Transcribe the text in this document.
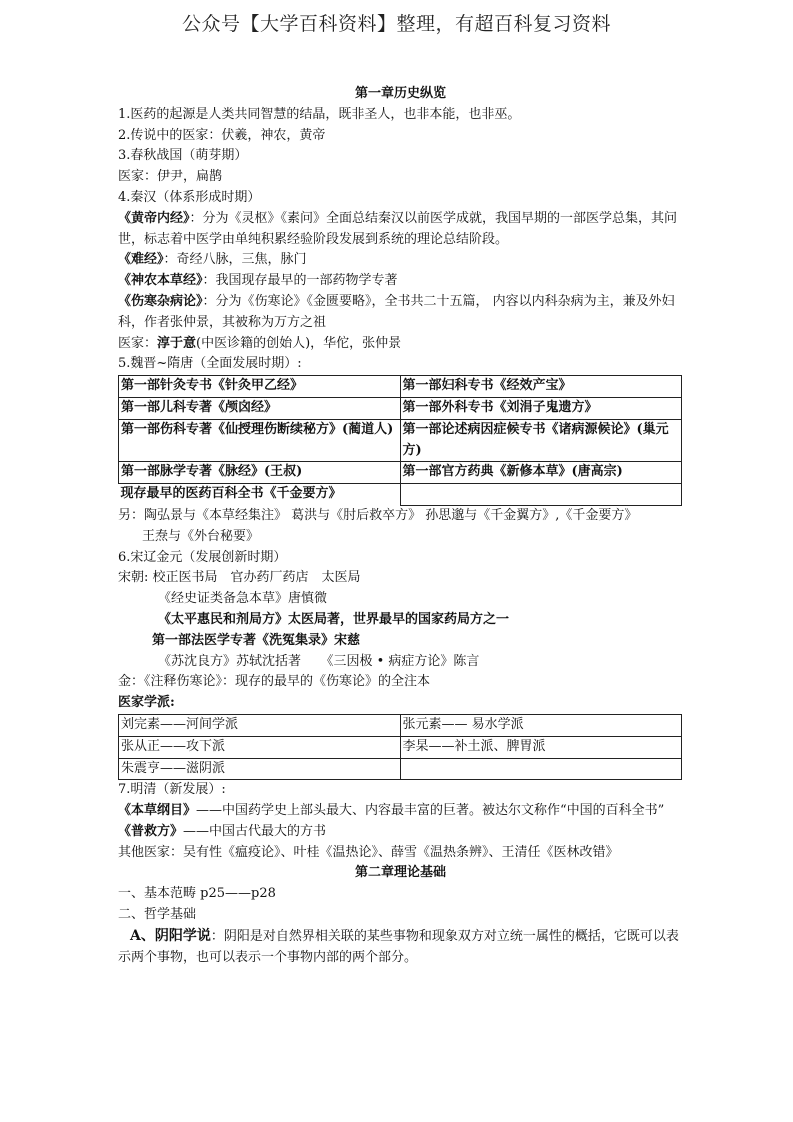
公众号【大学百科资料】整理，有超百科复习资料

第一章历史纵览

1.医药的起源是人类共同智慧的结晶，既非圣人，也非本能，也非巫。

2.传说中的医家：伏羲，神农，黄帝

3.春秋战国（萌芽期）

医家：伊尹，扁鹊

4.秦汉（体系形成时期）

《黄帝内经》：分为《灵枢》《素问》全面总结秦汉以前医学成就，我国早期的一部医学总集，其问世，标志着中医学由单纯积累经验阶段发展到系统的理论总结阶段。

《难经》：奇经八脉，三焦，脉门

《神农本草经》：我国现存最早的一部药物学专著

《伤寒杂病论》：分为《伤寒论》《金匮要略》，全书共二十五篇， 内容以内科杂病为主，兼及外妇科，作者张仲景，其被称为万方之祖

医家：淳于意(中医诊籍的创始人)，华佗，张仲景

5.魏晋~隋唐（全面发展时期）:

第一部针灸专书《针灸甲乙经》	第一部妇科专书《经效产宝》
第一部儿科专著《颅囟经》	第一部外科专书《刘涓子鬼遗方》
第一部伤科专著《仙授理伤断续秘方》(蔺道人)	第一部论述病因症候专书《诸病源候论》(巢元方)
第一部脉学专著《脉经》(王叔)	第一部官方药典《新修本草》(唐高宗)
现存最早的医药百科全书《千金要方》	

另：陶弘景与《本草经集注》 葛洪与《肘后救卒方》 孙思邈与《千金翼方》,《千金要方》

王焘与《外台秘要》

6.宋辽金元（发展创新时期）

宋朝: 校正医书局　官办药厂药店　太医局

《经史证类备急本草》唐慎微

《太平惠民和剂局方》太医局著，世界最早的国家药局方之一

第一部法医学专著《洗冤集录》宋慈

《苏沈良方》苏轼沈括著　　《三因极 • 病症方论》陈言

金：《注释伤寒论》：现存的最早的《伤寒论》的全注本

医家学派:

刘完素——河间学派	张元素—— 易水学派
张从正——攻下派	李杲——补土派、脾胃派
朱震亨——滋阴派	

7.明清（新发展）:

《本草纲目》——中国药学史上部头最大、内容最丰富的巨著。被达尔文称作“中国的百科全书”

《普救方》——中国古代最大的方书

其他医家：吴有性《瘟疫论》、叶桂《温热论》、薛雪《温热条辨》、王清任《医林改错》

第二章理论基础

一、基本范畴 p25——p28

二、哲学基础

A、阴阳学说：阴阳是对自然界相关联的某些事物和现象双方对立统一属性的概括，它既可以表示两个事物，也可以表示一个事物内部的两个部分。
